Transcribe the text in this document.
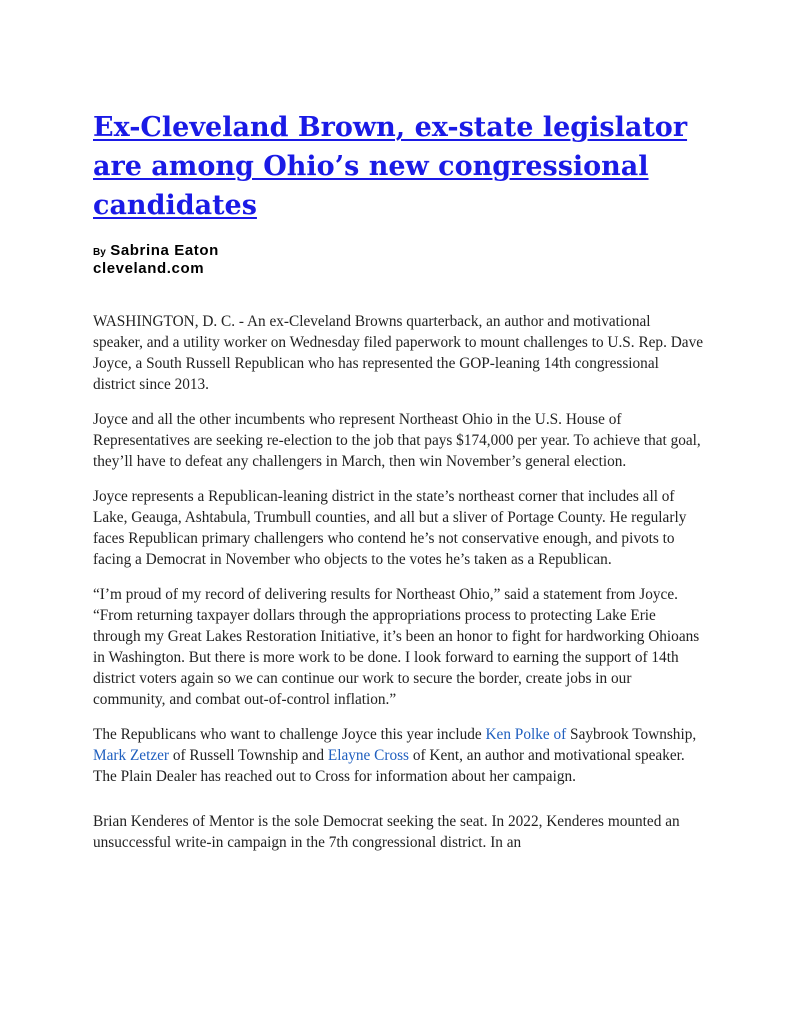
Ex-Cleveland Brown, ex-state legislator are among Ohio’s new congressional candidates
By Sabrina Eaton
cleveland.com

WASHINGTON, D. C. - An ex-Cleveland Browns quarterback, an author and motivational speaker, and a utility worker on Wednesday filed paperwork to mount challenges to U.S. Rep. Dave Joyce, a South Russell Republican who has represented the GOP-leaning 14th congressional district since 2013.

Joyce and all the other incumbents who represent Northeast Ohio in the U.S. House of Representatives are seeking re-election to the job that pays $174,000 per year. To achieve that goal, they’ll have to defeat any challengers in March, then win November’s general election.

Joyce represents a Republican-leaning district in the state’s northeast corner that includes all of Lake, Geauga, Ashtabula, Trumbull counties, and all but a sliver of Portage County. He regularly faces Republican primary challengers who contend he’s not conservative enough, and pivots to facing a Democrat in November who objects to the votes he’s taken as a Republican.

“I’m proud of my record of delivering results for Northeast Ohio,” said a statement from Joyce. “From returning taxpayer dollars through the appropriations process to protecting Lake Erie through my Great Lakes Restoration Initiative, it’s been an honor to fight for hardworking Ohioans in Washington. But there is more work to be done. I look forward to earning the support of 14th district voters again so we can continue our work to secure the border, create jobs in our community, and combat out-of-control inflation.”

The Republicans who want to challenge Joyce this year include Ken Polke of Saybrook Township, Mark Zetzer of Russell Township and Elayne Cross of Kent, an author and motivational speaker. The Plain Dealer has reached out to Cross for information about her campaign.

Brian Kenderes of Mentor is the sole Democrat seeking the seat. In 2022, Kenderes mounted an unsuccessful write-in campaign in the 7th congressional district. In an
